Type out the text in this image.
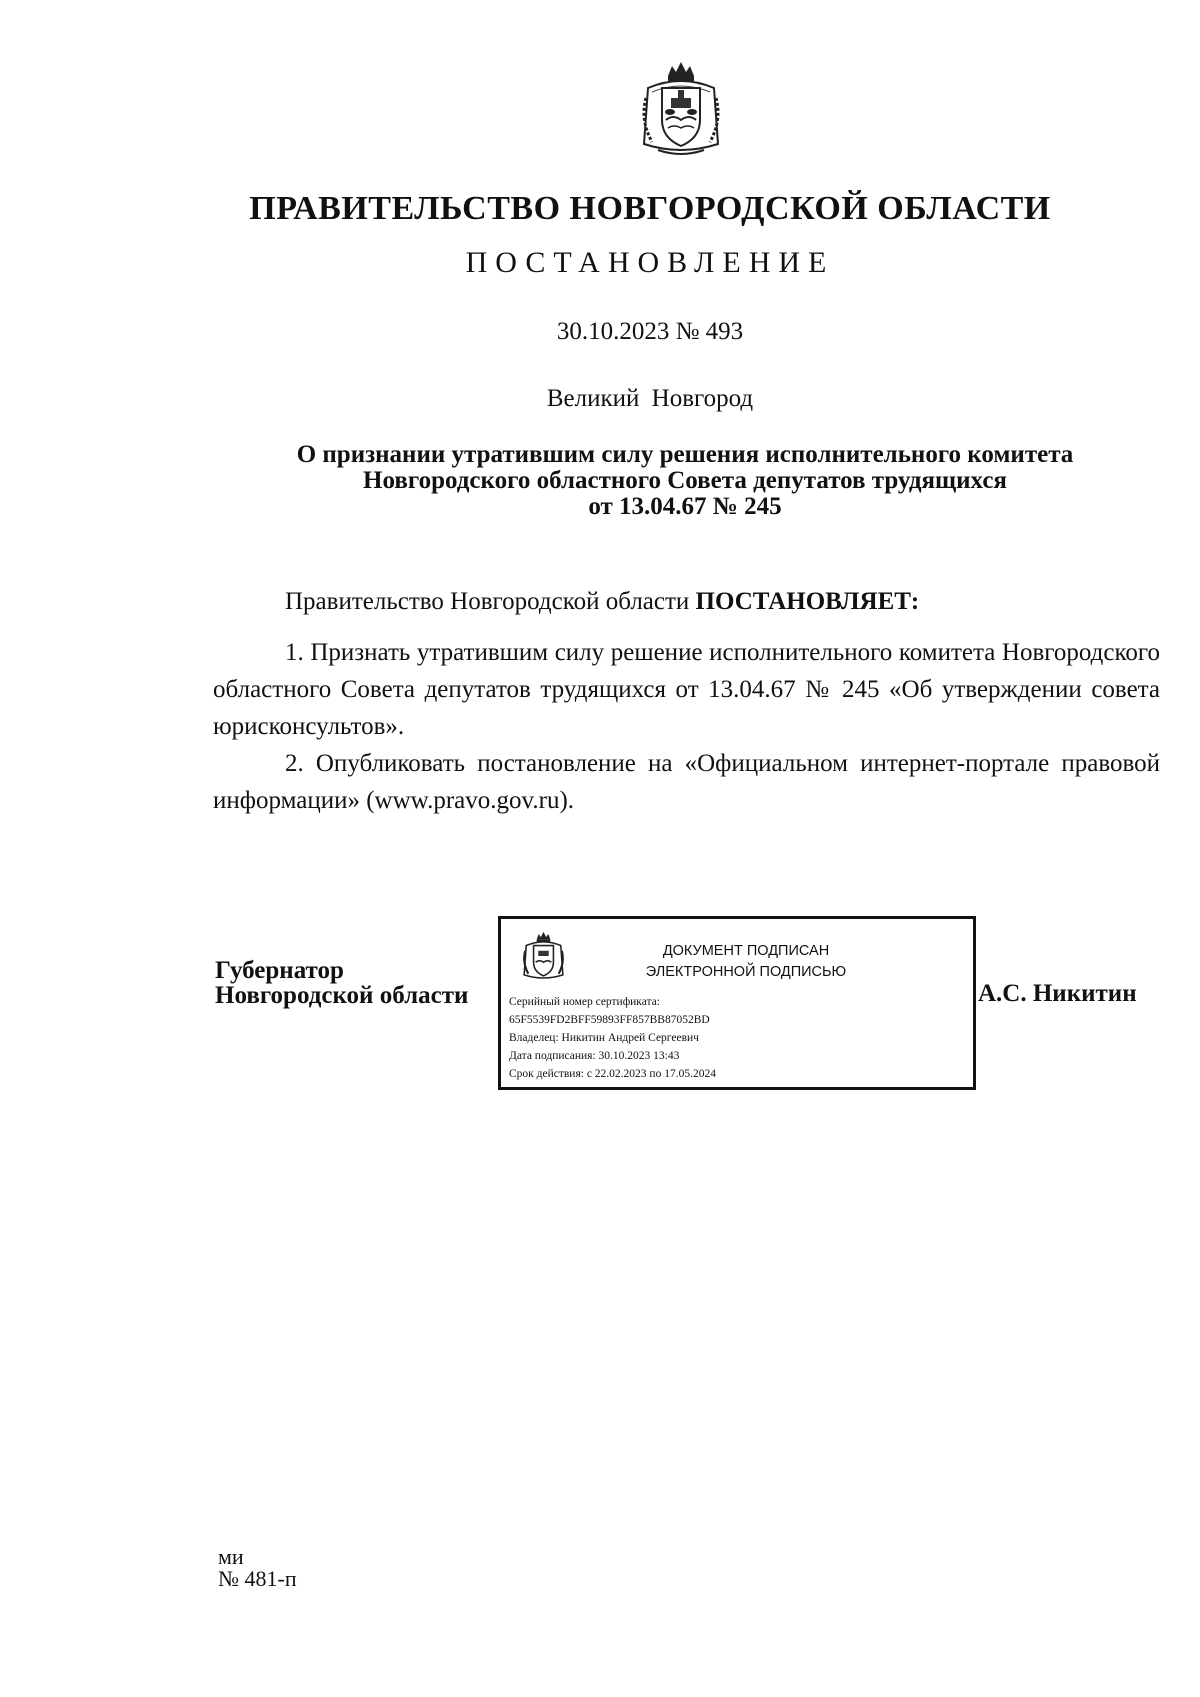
ПРАВИТЕЛЬСТВО НОВГОРОДСКОЙ ОБЛАСТИ
ПОСТАНОВЛЕНИЕ
30.10.2023 № 493
Великий Новгород
О признании утратившим силу решения исполнительного комитета
Новгородского областного Совета депутатов трудящихся
от 13.04.67 № 245
Правительство Новгородской области ПОСТАНОВЛЯЕТ:

1. Признать утратившим силу решение исполнительного комитета Новгородского областного Совета депутатов трудящихся от 13.04.67 № 245 «Об утверждении совета юрисконсультов».

2. Опубликовать постановление на «Официальном интернет-портале правовой информации» (www.pravo.gov.ru).

Губернатор
Новгородской области
ДОКУМЕНТ ПОДПИСАН
ЭЛЕКТРОННОЙ ПОДПИСЬЮ
Серийный номер сертификата:
65F5539FD2BFF59893FF857BB87052BD
Владелец: Никитин Андрей Сергеевич
Дата подписания: 30.10.2023 13:43
Срок действия: с 22.02.2023 по 17.05.2024
А.С. Никитин
ми
№ 481-п
